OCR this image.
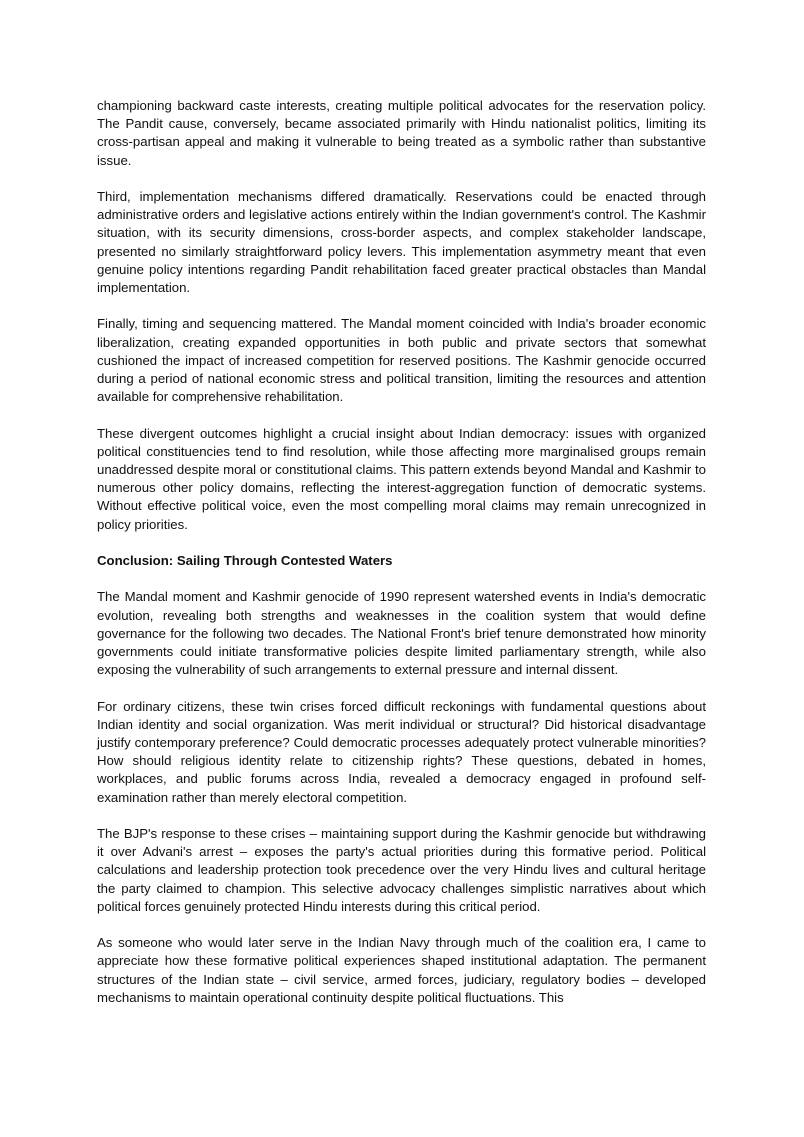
championing backward caste interests, creating multiple political advocates for the reservation policy. The Pandit cause, conversely, became associated primarily with Hindu nationalist politics, limiting its cross-partisan appeal and making it vulnerable to being treated as a symbolic rather than substantive issue.

Third, implementation mechanisms differed dramatically. Reservations could be enacted through administrative orders and legislative actions entirely within the Indian government's control. The Kashmir situation, with its security dimensions, cross-border aspects, and complex stakeholder landscape, presented no similarly straightforward policy levers. This implementation asymmetry meant that even genuine policy intentions regarding Pandit rehabilitation faced greater practical obstacles than Mandal implementation.

Finally, timing and sequencing mattered. The Mandal moment coincided with India's broader economic liberalization, creating expanded opportunities in both public and private sectors that somewhat cushioned the impact of increased competition for reserved positions. The Kashmir genocide occurred during a period of national economic stress and political transition, limiting the resources and attention available for comprehensive rehabilitation.

These divergent outcomes highlight a crucial insight about Indian democracy: issues with organized political constituencies tend to find resolution, while those affecting more marginalised groups remain unaddressed despite moral or constitutional claims. This pattern extends beyond Mandal and Kashmir to numerous other policy domains, reflecting the interest-aggregation function of democratic systems. Without effective political voice, even the most compelling moral claims may remain unrecognized in policy priorities.

Conclusion: Sailing Through Contested Waters

The Mandal moment and Kashmir genocide of 1990 represent watershed events in India's democratic evolution, revealing both strengths and weaknesses in the coalition system that would define governance for the following two decades. The National Front's brief tenure demonstrated how minority governments could initiate transformative policies despite limited parliamentary strength, while also exposing the vulnerability of such arrangements to external pressure and internal dissent.

For ordinary citizens, these twin crises forced difficult reckonings with fundamental questions about Indian identity and social organization. Was merit individual or structural? Did historical disadvantage justify contemporary preference? Could democratic processes adequately protect vulnerable minorities? How should religious identity relate to citizenship rights? These questions, debated in homes, workplaces, and public forums across India, revealed a democracy engaged in profound self-examination rather than merely electoral competition.

The BJP's response to these crises – maintaining support during the Kashmir genocide but withdrawing it over Advani's arrest – exposes the party's actual priorities during this formative period. Political calculations and leadership protection took precedence over the very Hindu lives and cultural heritage the party claimed to champion. This selective advocacy challenges simplistic narratives about which political forces genuinely protected Hindu interests during this critical period.

As someone who would later serve in the Indian Navy through much of the coalition era, I came to appreciate how these formative political experiences shaped institutional adaptation. The permanent structures of the Indian state – civil service, armed forces, judiciary, regulatory bodies – developed mechanisms to maintain operational continuity despite political fluctuations. This
